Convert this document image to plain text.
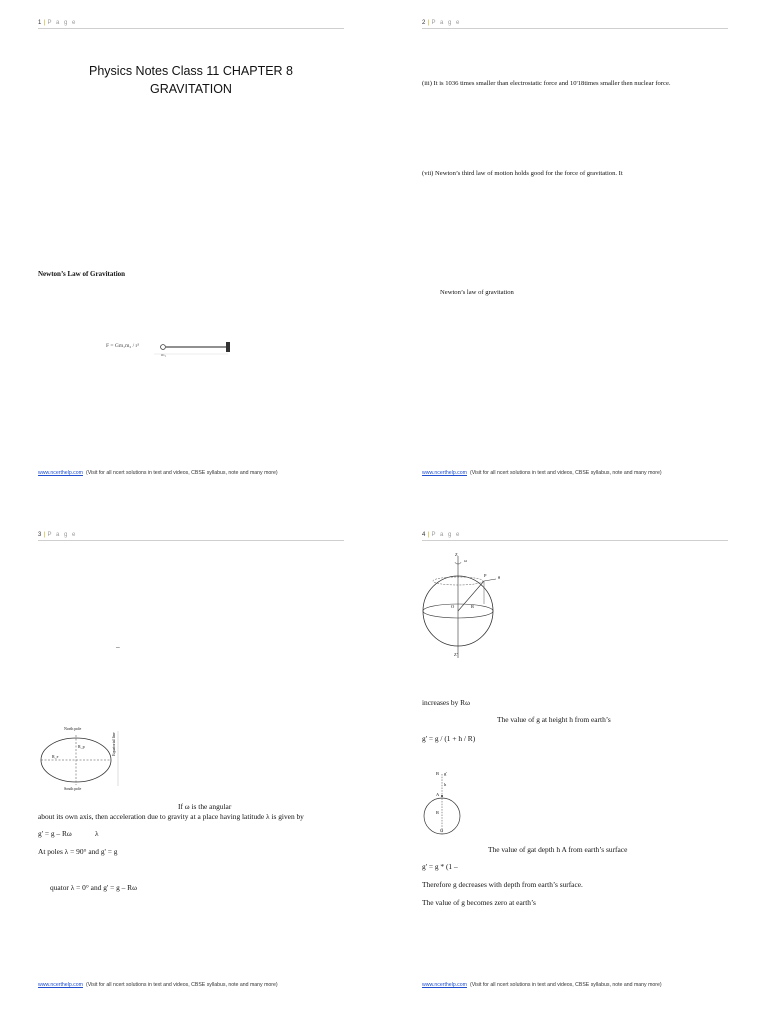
1 | P a g e
Physics Notes Class 11 CHAPTER 8
GRAVITATION
Newton’s Law of Gravitation
F = Gm₁m₂ / r²
m₁
www.ncerthelp.com (Visit for all ncert solutions in text and videos, CBSE syllabus, note and many more)
2 | P a g e
(iii) It is 1036 times smaller than electrostatic force and 10'18times smaller then nuclear force.
(vii) Newton’s third law of motion holds good for the force of gravitation. It
Newton’s law of gravitation
www.ncerthelp.com (Visit for all ncert solutions in text and videos, CBSE syllabus, note and many more)
3 | P a g e
–
North pole
South pole
R_p
R_e
Equatorial line
If ω is the angular
about its own axis, then acceleration due to gravity at a place having latitude λ is given by
g' = g – Rω	λ
At poles λ = 90° and g' = g
quator λ = 0° and g' = g – Rω
www.ncerthelp.com (Visit for all ncert solutions in text and videos, CBSE syllabus, note and many more)
4 | P a g e
Z
ω
P	θ
O	R
Z'
increases by Rω
The value of g at height h from earth’s
g' = g / (1 + h / R)
B g'
A
h
R
O
The value of gat depth h A from earth’s surface
g' = g * (1 –
Therefore g decreases with depth from earth’s surface.
The value of g becomes zero at earth’s
www.ncerthelp.com (Visit for all ncert solutions in text and videos, CBSE syllabus, note and many more)
